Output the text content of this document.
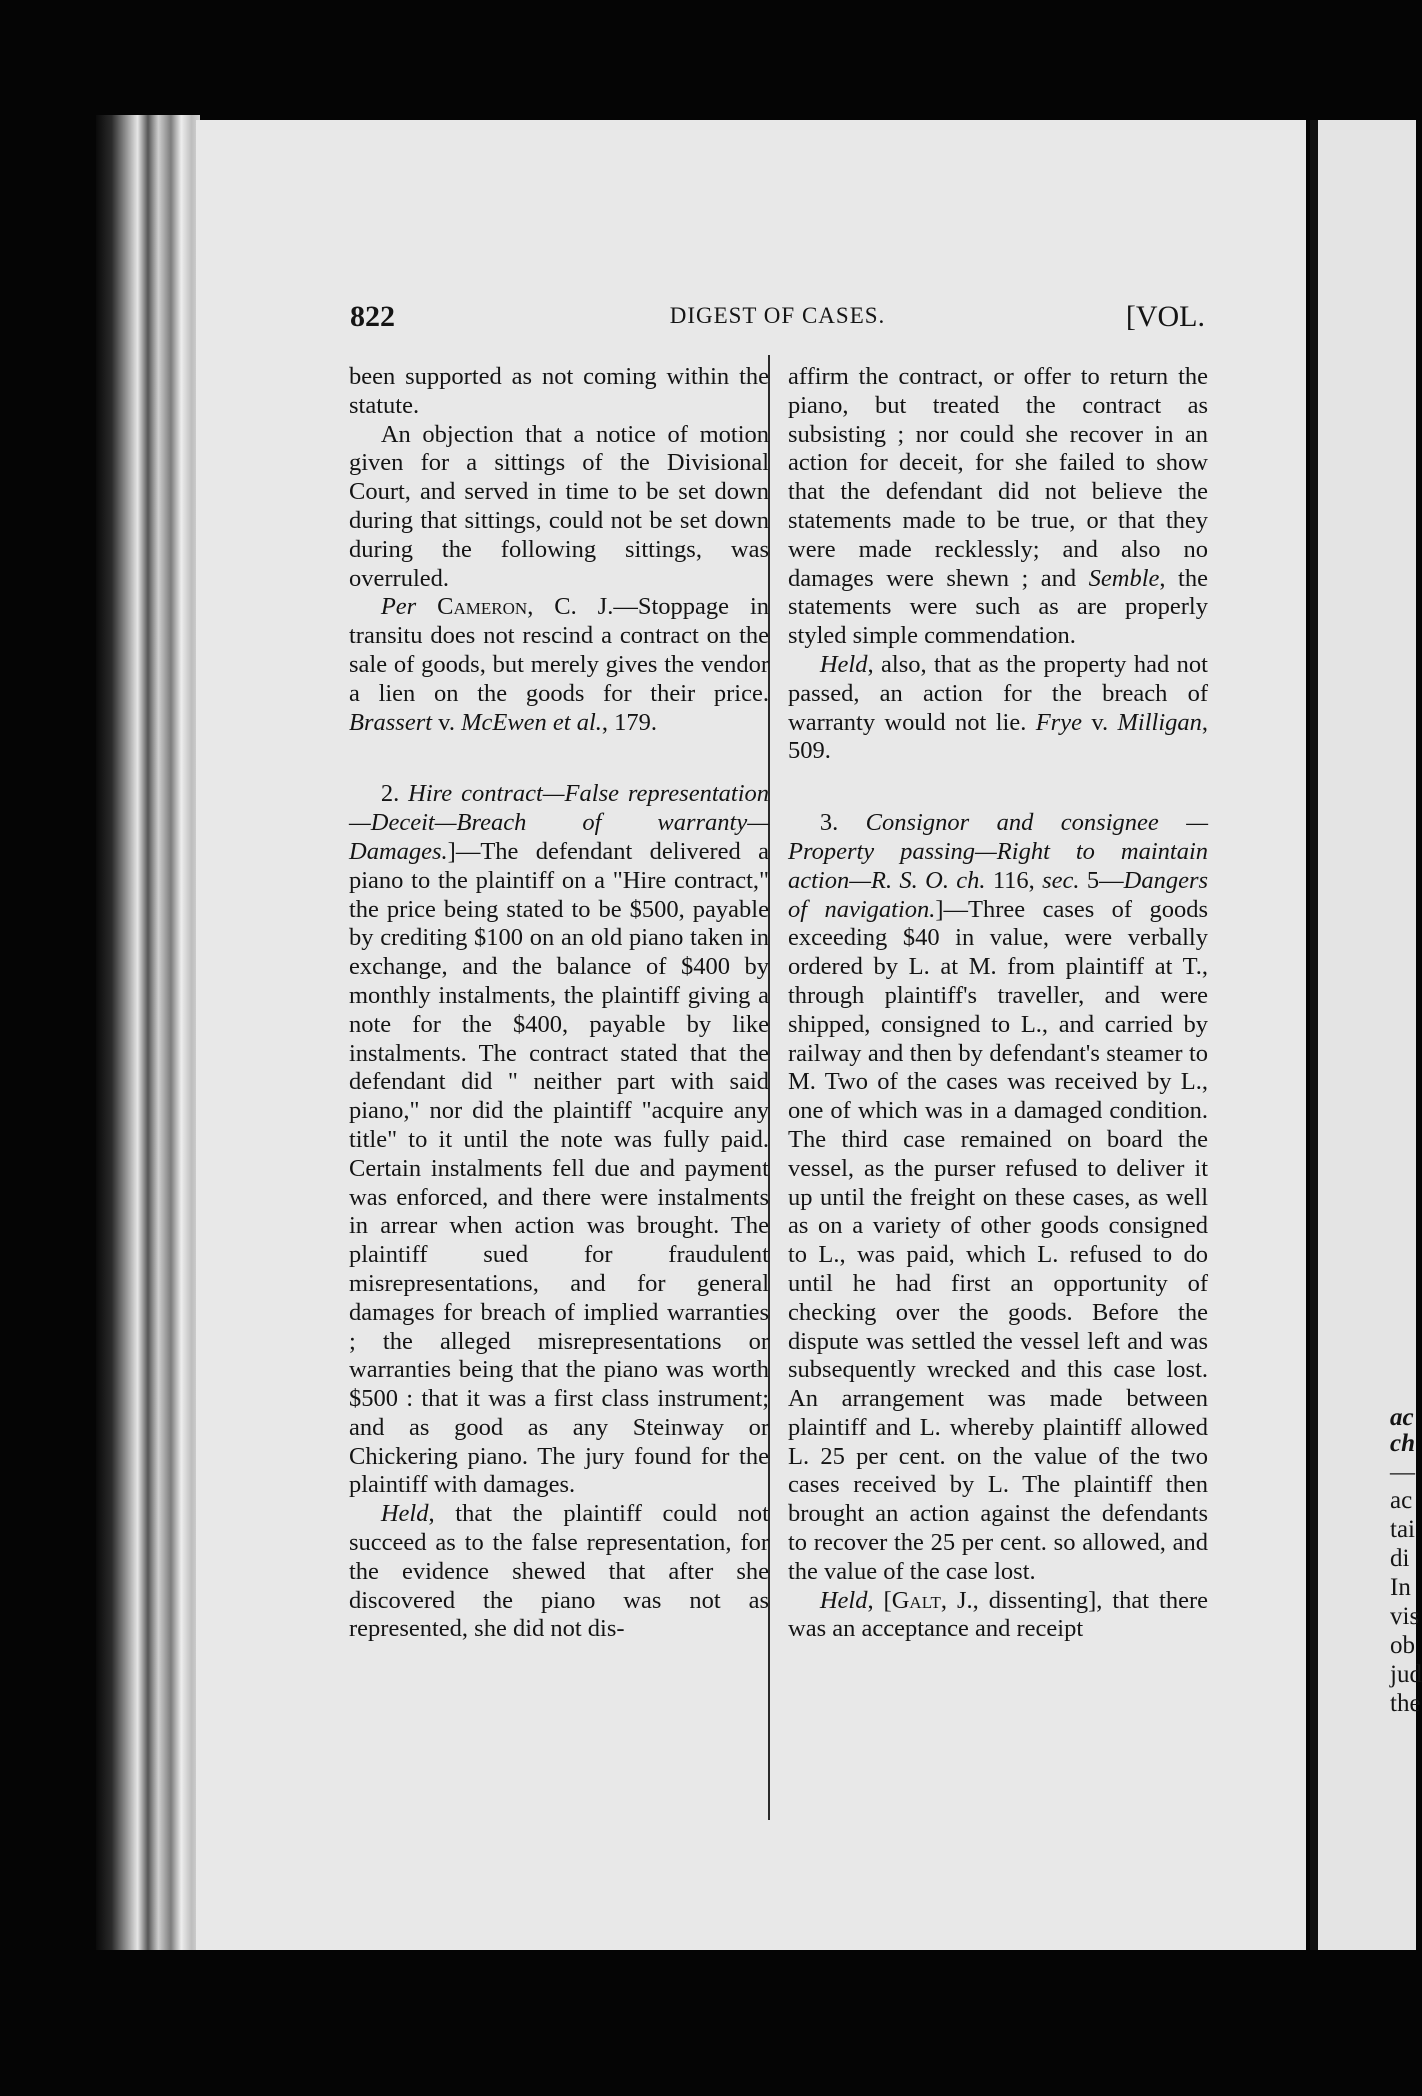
ac
ch
—
ac
tai
di
In
vis
ob
jud
the
822	DIGEST OF CASES.	[VOL.

been supported as not coming within the statute.

An objection that a notice of motion given for a sittings of the Divisional Court, and served in time to be set down during that sittings, could not be set down during the following sittings, was overruled.

Per Cameron, C. J.—Stoppage in transitu does not rescind a contract on the sale of goods, but merely gives the vendor a lien on the goods for their price. Brassert v. McEwen et al., 179.

2. Hire contract—False representation—Deceit—Breach of warranty—Damages.]—The defendant delivered a piano to the plaintiff on a "Hire contract," the price being stated to be $500, payable by crediting $100 on an old piano taken in exchange, and the balance of $400 by monthly instalments, the plaintiff giving a note for the $400, payable by like instalments. The contract stated that the defendant did " neither part with said piano," nor did the plaintiff "acquire any title" to it until the note was fully paid. Certain instalments fell due and payment was enforced, and there were instalments in arrear when action was brought. The plaintiff sued for fraudulent misrepresentations, and for general damages for breach of implied warranties ; the alleged misrepresentations or warranties being that the piano was worth $500 : that it was a first class instrument; and as good as any Steinway or Chickering piano. The jury found for the plaintiff with damages.

Held, that the plaintiff could not succeed as to the false representation, for the evidence shewed that after she discovered the piano was not as represented, she did not dis-

affirm the contract, or offer to return the piano, but treated the contract as subsisting ; nor could she recover in an action for deceit, for she failed to show that the defendant did not believe the statements made to be true, or that they were made recklessly; and also no damages were shewn ; and Semble, the statements were such as are properly styled simple commendation.

Held, also, that as the property had not passed, an action for the breach of warranty would not lie. Frye v. Milligan, 509.

3. Consignor and consignee — Property passing—Right to maintain action—R. S. O. ch. 116, sec. 5—Dangers of navigation.]—Three cases of goods exceeding $40 in value, were verbally ordered by L. at M. from plaintiff at T., through plaintiff's traveller, and were shipped, consigned to L., and carried by railway and then by defendant's steamer to M. Two of the cases was received by L., one of which was in a damaged condition. The third case remained on board the vessel, as the purser refused to deliver it up until the freight on these cases, as well as on a variety of other goods consigned to L., was paid, which L. refused to do until he had first an opportunity of checking over the goods. Before the dispute was settled the vessel left and was subsequently wrecked and this case lost. An arrangement was made between plaintiff and L. whereby plaintiff allowed L. 25 per cent. on the value of the two cases received by L. The plaintiff then brought an action against the defendants to recover the 25 per cent. so allowed, and the value of the case lost.

Held, [Galt, J., dissenting], that there was an acceptance and receipt
